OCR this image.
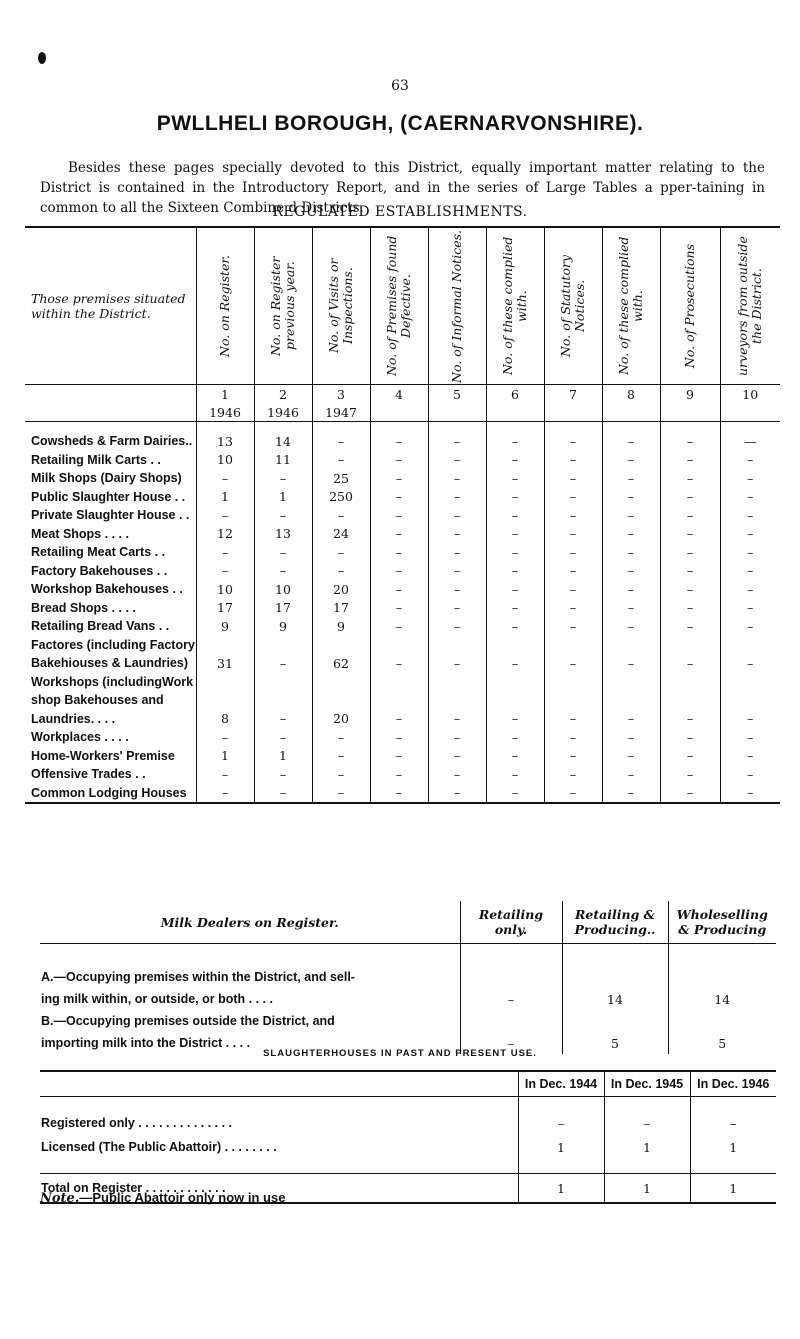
63
PWLLHELI BOROUGH, (CAERNARVONSHIRE).
Besides these pages specially devoted to this District, equally important matter relating to the District is contained in the Introductory Report, and in the series of Large Tables a pper-taining in common to all the Sixteen Combine d Districts.
REGULATED ESTABLISHMENTS.
Those premises situated within the District.	No. on Register.	No. on Register previous year.	No. of Visits or Inspections.	No. of Premises found Defective.	No. of Informal Notices.	No. of these complied with.	No. of Statutory Notices.	No. of these complied with.	No. of Prosecutions	urveyors from outside the District.

	1	2	3	4	5	6	7	8	9	10
	1946	1946	1947							

Cowsheds & Farm Dairies..	13	14	–	–	–	–	–	–	–	—
Retailing Milk Carts . .	10	11	–	–	–	–	–	–	–	–
Milk Shops (Dairy Shops)	–	–	25	–	–	–	–	–	–	–
Public Slaughter House . .	1	1	250	–	–	–	–	–	–	–
Private Slaughter House . .	–	–	–	–	–	–	–	–	–	–
Meat Shops . . . .	12	13	24	–	–	–	–	–	–	–
Retailing Meat Carts . .	–	–	–	–	–	–	–	–	–	–
Factory Bakehouses . .	–	–	–	–	–	–	–	–	–	–
Workshop Bakehouses . .	10	10	20	–	–	–	–	–	–	–
Bread Shops . . . .	17	17	17	–	–	–	–	–	–	–
Retailing Bread Vans . .	9	9	9	–	–	–	–	–	–	–
Factores (including Factory										
Bakehiouses & Laundries)	31	–	62	–	–	–	–	–	–	–
Workshops (includingWork										
shop Bakehouses and										
Laundries. . . .	8	–	20	–	–	–	–	–	–	–
Workplaces . . . .	–	–	–	–	–	–	–	–	–	–
Home-Workers' Premise	1	1	–	–	–	–	–	–	–	–
Offensive Trades . .	–	–	–	–	–	–	–	–	–	–
Common Lodging Houses	–	–	–	–	–	–	–	–	–	–
Milk Dealers on Register.	Retailing only.	Retailing & Producing..	Wholeselling & Producing

A.—Occupying premises within the District, and sell-			
ing milk within, or outside, or both . . . .	–	14	14
B.—Occupying premises outside the District, and			
importing milk into the District . . . .	–	5	5
SLAUGHTERHOUSES IN PAST AND PRESENT USE.
	In Dec. 1944	In Dec. 1945	In Dec. 1946

Registered only . . . . . . . . . . . . . .	–	–	–
Licensed (The Public Abattoir) . . . . . . . .	1	1	1

Total on Register . . . . . . . . . . . .	1	1	1
Note.—Public Abattoir only now in use
